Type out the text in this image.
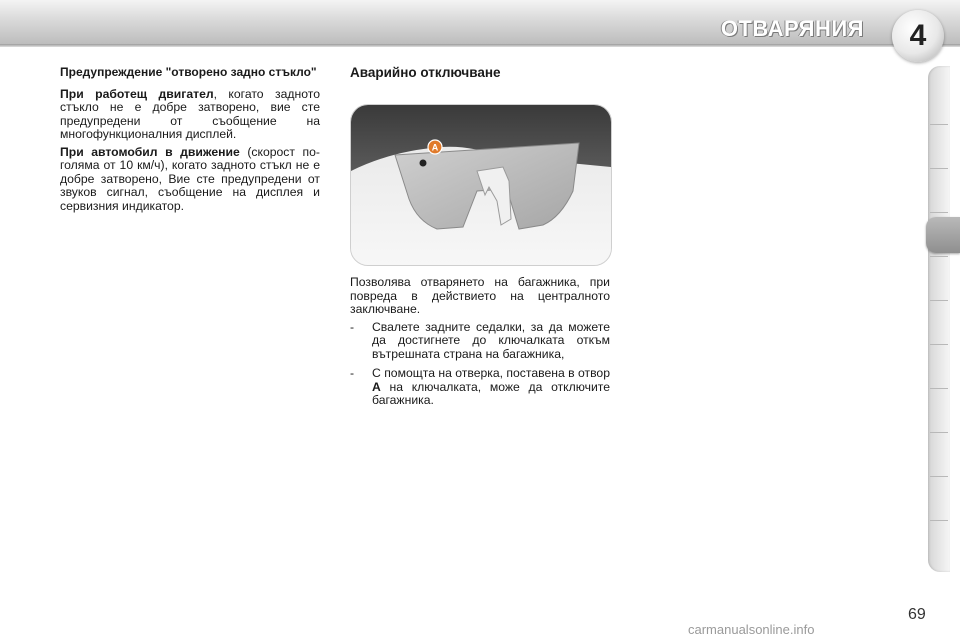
ОТВАРЯНИЯ	4

Предупреждение "отворено задно стъкло"

При работещ двигател, когато задното стъкло не е добре затворено, вие сте предупредени от съобщение на многофункционалния дисплей.

При автомобил в движение (скорост по-голяма от 10 км/ч), когато задното стъкл не е добре затворено, Вие сте предупредени от звуков сигнал, съобщение на дисплея и сервизния индикатор.

Аварийно отключване

A

Позволява отварянето на багажника, при повреда в действието на централното заключване.

-	Свалете задните седалки, за да можете да достигнете до ключалката откъм вътрешната страна на багажника,
-	С помощта на отверка, поставена в отвор A на ключалката, може да отключите багажника.
69
carmanualsonline.info
